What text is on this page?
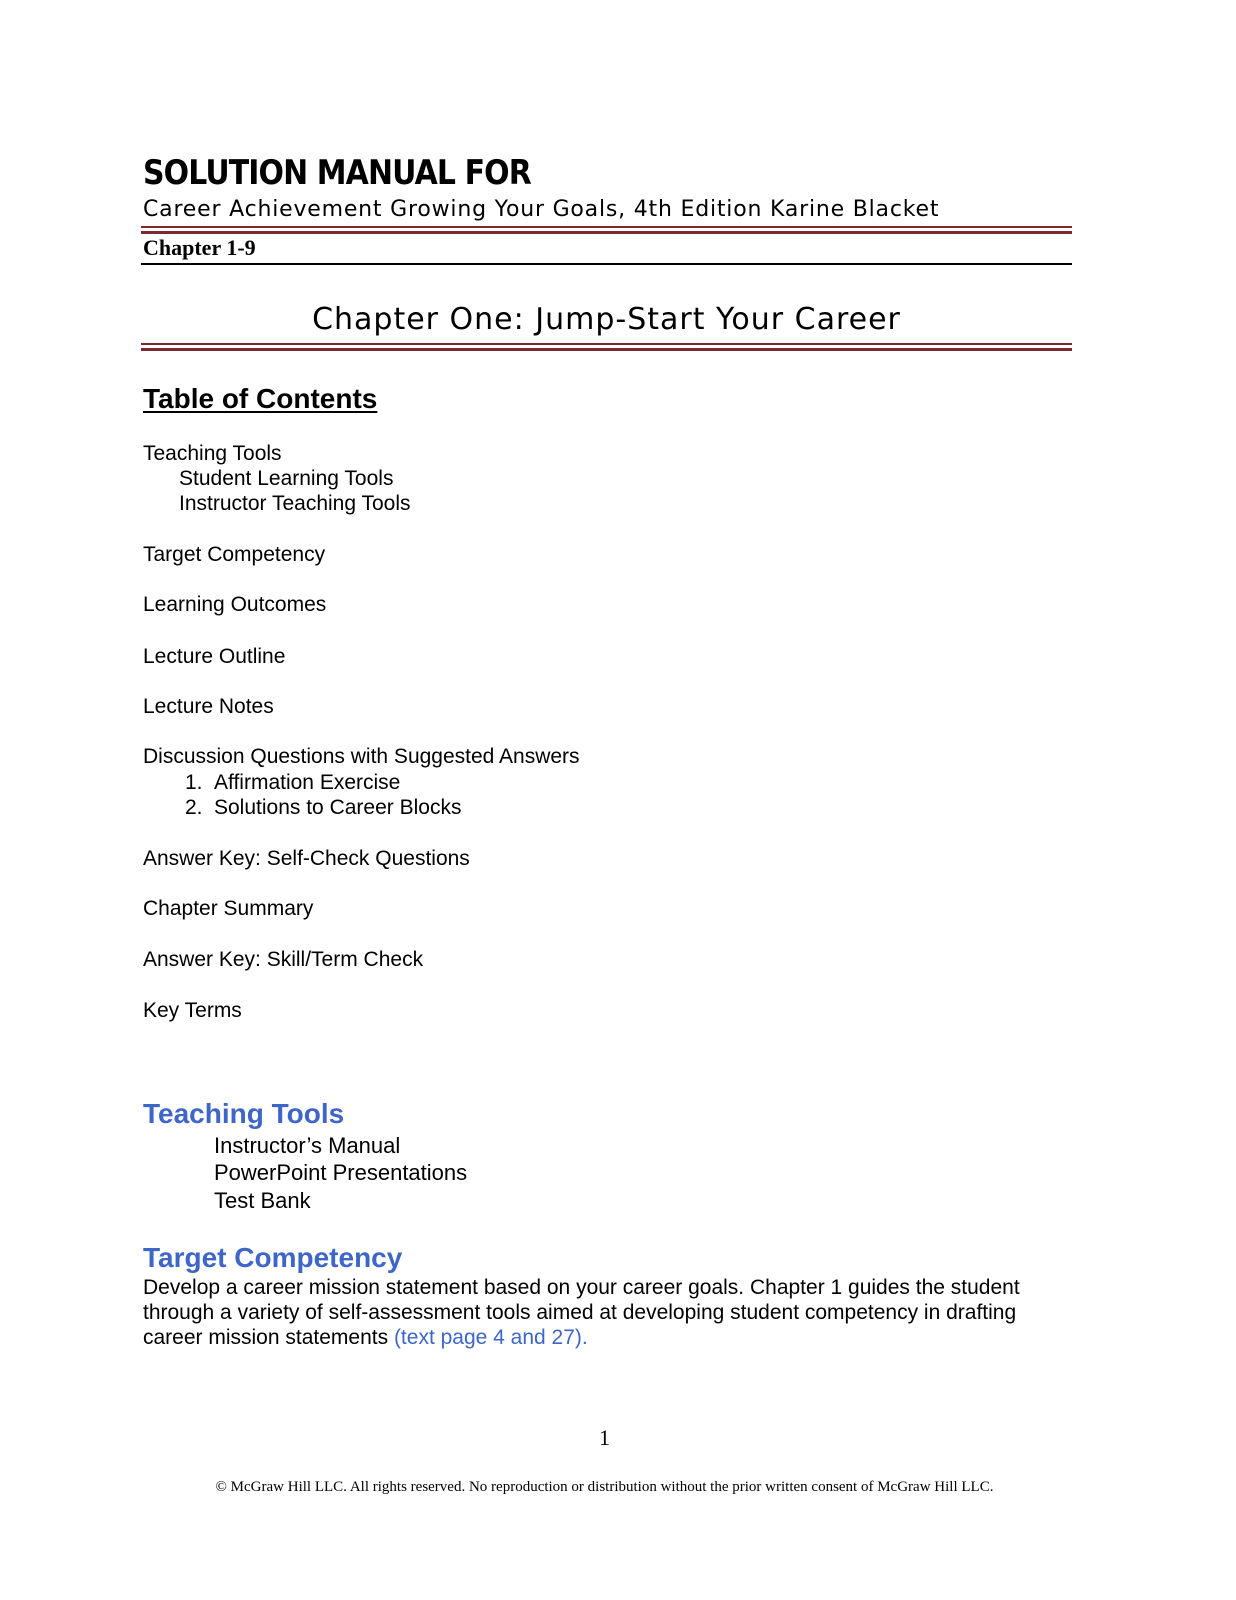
SOLUTION MANUAL FOR
Career Achievement Growing Your Goals, 4th Edition Karine Blacket
Chapter 1-9
Chapter One: Jump-Start Your Career
Table of Contents
Teaching Tools
Student Learning Tools
Instructor Teaching Tools
Target Competency
Learning Outcomes
Lecture Outline
Lecture Notes
Discussion Questions with Suggested Answers
1. Affirmation Exercise
2. Solutions to Career Blocks
Answer Key: Self-Check Questions
Chapter Summary
Answer Key: Skill/Term Check
Key Terms
Teaching Tools
Instructor’s Manual
PowerPoint Presentations
Test Bank
Target Competency
Develop a career mission statement based on your career goals. Chapter 1 guides the student
through a variety of self-assessment tools aimed at developing student competency in drafting
career mission statements (text page 4 and 27).
1
© McGraw Hill LLC. All rights reserved. No reproduction or distribution without the prior written consent of McGraw Hill LLC.
